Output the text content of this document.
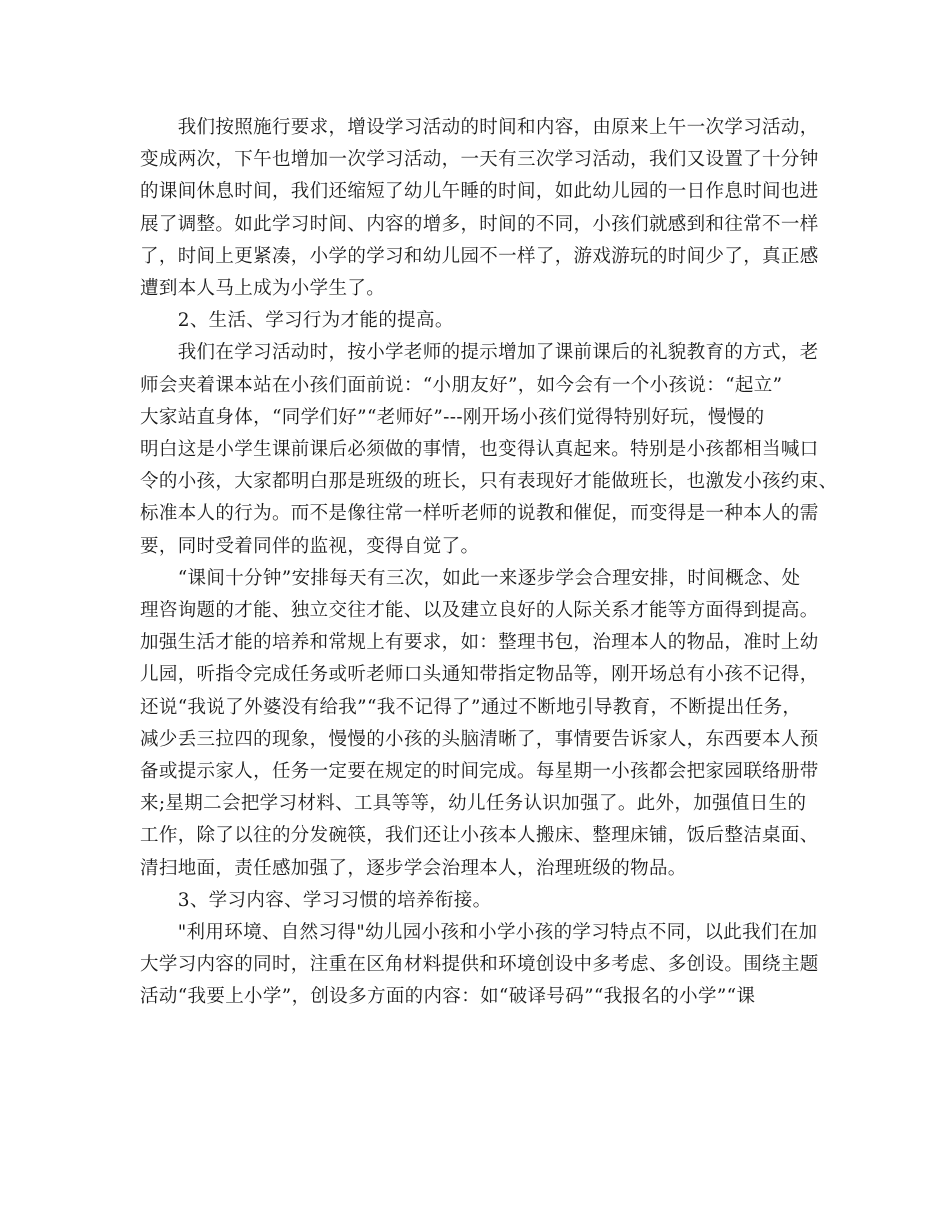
　　我们按照施行要求，增设学习活动的时间和内容，由原来上午一次学习活动，
变成两次，下午也增加一次学习活动，一天有三次学习活动，我们又设置了十分钟
的课间休息时间，我们还缩短了幼儿午睡的时间，如此幼儿园的一日作息时间也进
展了调整。如此学习时间、内容的增多，时间的不同，小孩们就感到和往常不一样
了，时间上更紧凑，小学的学习和幼儿园不一样了，游戏游玩的时间少了，真正感
遭到本人马上成为小学生了。

　　2、生活、学习行为才能的提高。

　　我们在学习活动时，按小学老师的提示增加了课前课后的礼貌教育的方式，老
师会夹着课本站在小孩们面前说：“小朋友好”，如今会有一个小孩说：“起立”
大家站直身体，“同学们好”“老师好”---刚开场小孩们觉得特别好玩，慢慢的
明白这是小学生课前课后必须做的事情，也变得认真起来。特别是小孩都相当喊口
令的小孩，大家都明白那是班级的班长，只有表现好才能做班长，也激发小孩约束、
标准本人的行为。而不是像往常一样听老师的说教和催促，而变得是一种本人的需
要，同时受着同伴的监视，变得自觉了。

　　“课间十分钟”安排每天有三次，如此一来逐步学会合理安排，时间概念、处
理咨询题的才能、独立交往才能、以及建立良好的人际关系才能等方面得到提高。
加强生活才能的培养和常规上有要求，如：整理书包，治理本人的物品，准时上幼
儿园，听指令完成任务或听老师口头通知带指定物品等，刚开场总有小孩不记得，
还说“我说了外婆没有给我”“我不记得了”通过不断地引导教育，不断提出任务，
减少丢三拉四的现象，慢慢的小孩的头脑清晰了，事情要告诉家人，东西要本人预
备或提示家人，任务一定要在规定的时间完成。每星期一小孩都会把家园联络册带
来;星期二会把学习材料、工具等等，幼儿任务认识加强了。此外，加强值日生的
工作，除了以往的分发碗筷，我们还让小孩本人搬床、整理床铺，饭后整洁桌面、
清扫地面，责任感加强了，逐步学会治理本人，治理班级的物品。

　　3、学习内容、学习习惯的培养衔接。

　　"利用环境、自然习得"幼儿园小孩和小学小孩的学习特点不同，以此我们在加
大学习内容的同时，注重在区角材料提供和环境创设中多考虑、多创设。围绕主题
活动“我要上小学”，创设多方面的内容：如“破译号码”“我报名的小学”“课
